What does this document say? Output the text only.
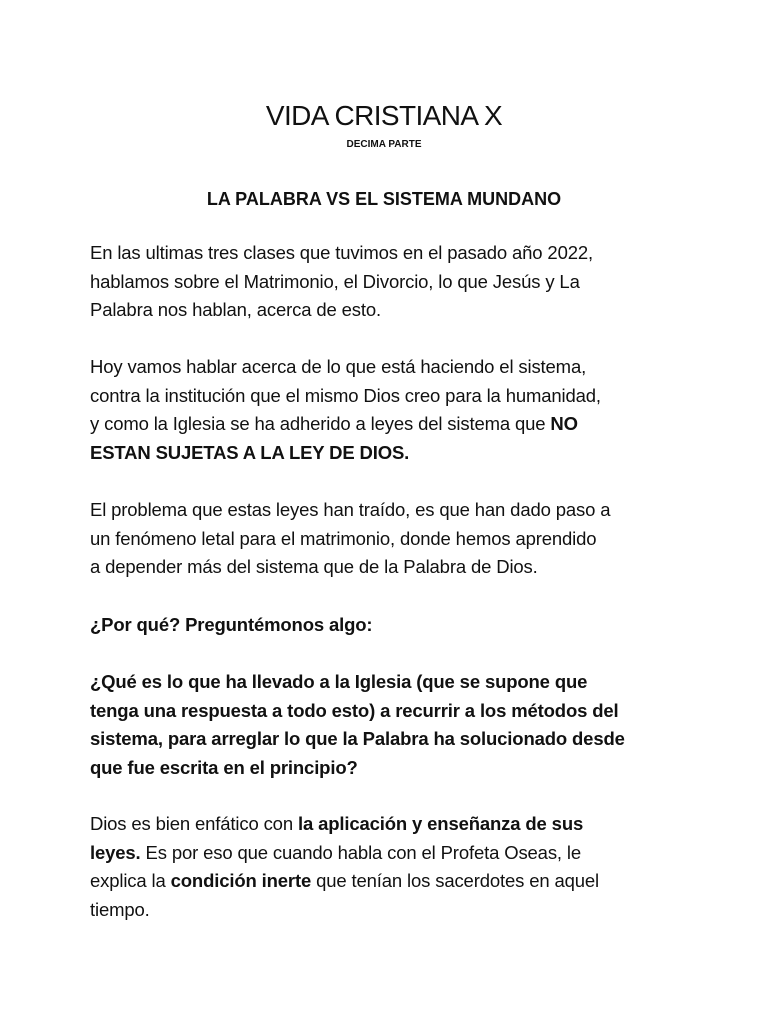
VIDA CRISTIANA X
DECIMA PARTE
LA PALABRA VS EL SISTEMA MUNDANO

En las ultimas tres clases que tuvimos en el pasado año 2022,
hablamos sobre el Matrimonio, el Divorcio, lo que Jesús y La
Palabra nos hablan, acerca de esto.

Hoy vamos hablar acerca de lo que está haciendo el sistema,
contra la institución que el mismo Dios creo para la humanidad,
y como la Iglesia se ha adherido a leyes del sistema que NO
ESTAN SUJETAS A LA LEY DE DIOS.

El problema que estas leyes han traído, es que han dado paso a
un fenómeno letal para el matrimonio, donde hemos aprendido
a depender más del sistema que de la Palabra de Dios.

¿Por qué? Preguntémonos algo:

¿Qué es lo que ha llevado a la Iglesia (que se supone que
tenga una respuesta a todo esto) a recurrir a los métodos del
sistema, para arreglar lo que la Palabra ha solucionado desde
que fue escrita en el principio?

Dios es bien enfático con la aplicación y enseñanza de sus
leyes. Es por eso que cuando habla con el Profeta Oseas, le
explica la condición inerte que tenían los sacerdotes en aquel
tiempo.
